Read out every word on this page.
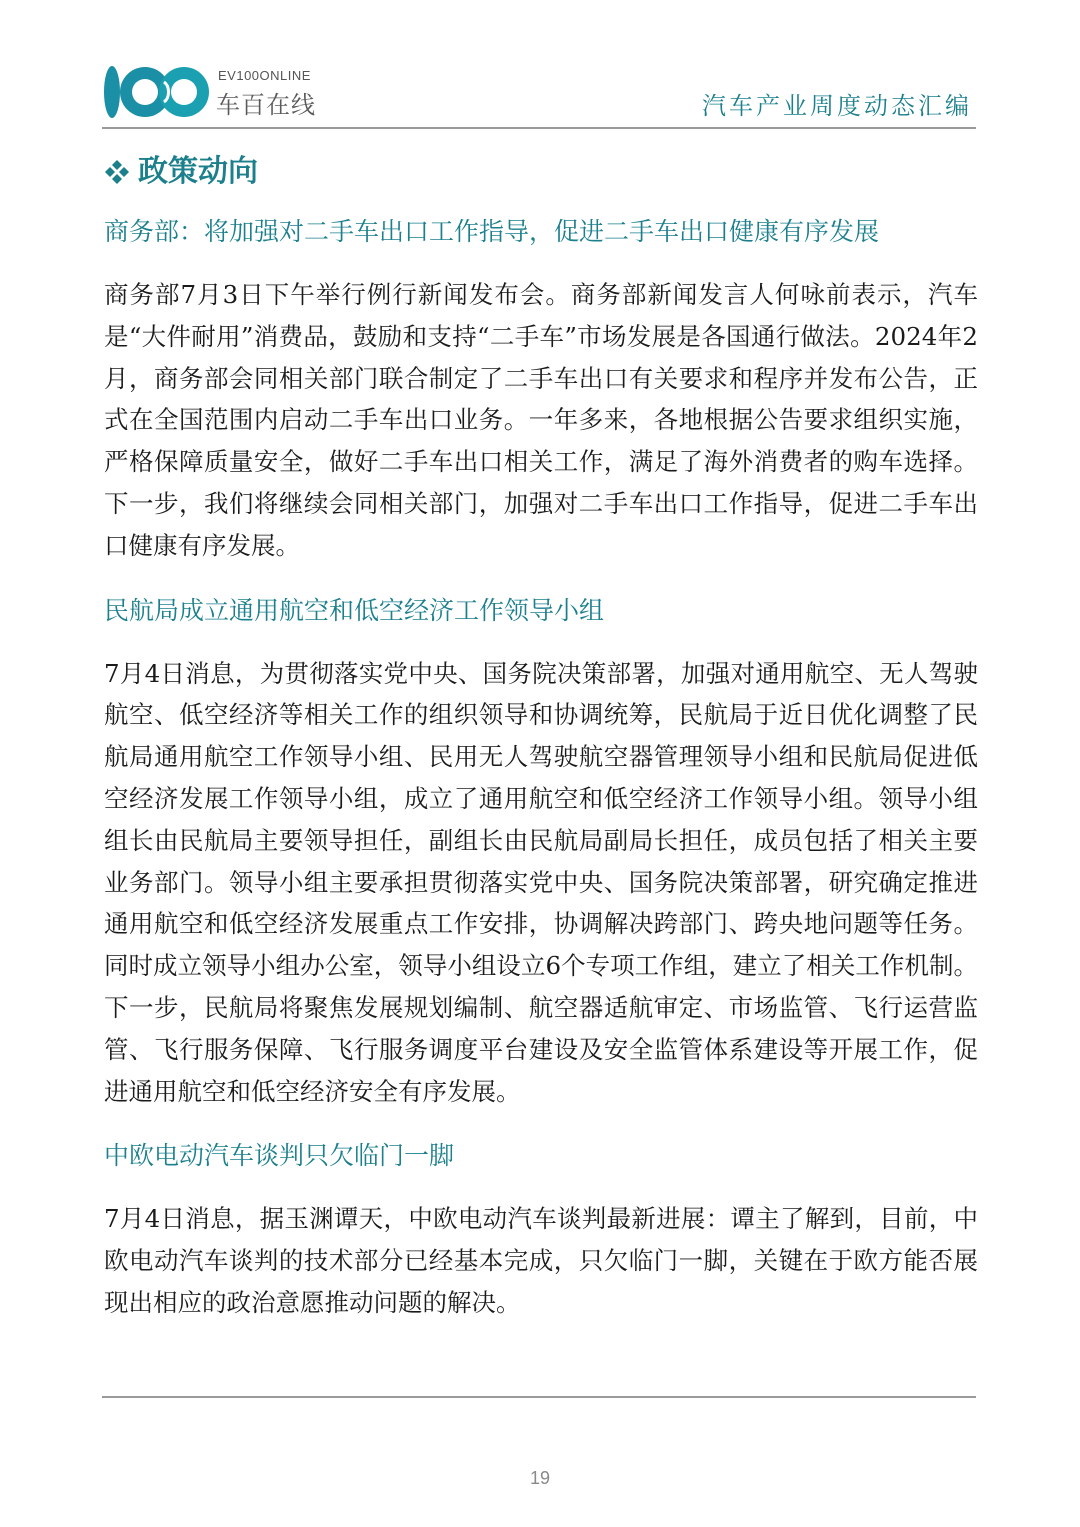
EV100ONLINE
车百在线	汽车产业周度动态汇编
政策动向
商务部：将加强对二手车出口工作指导，促进二手车出口健康有序发展
商务部7月3日下午举行例行新闻发布会。商务部新闻发言人何咏前表示，汽车是“大件耐用”消费品，鼓励和支持“二手车”市场发展是各国通行做法。2024年2月，商务部会同相关部门联合制定了二手车出口有关要求和程序并发布公告，正式在全国范围内启动二手车出口业务。一年多来，各地根据公告要求组织实施，严格保障质量安全，做好二手车出口相关工作，满足了海外消费者的购车选择。下一步，我们将继续会同相关部门，加强对二手车出口工作指导，促进二手车出口健康有序发展。
民航局成立通用航空和低空经济工作领导小组
7月4日消息，为贯彻落实党中央、国务院决策部署，加强对通用航空、无人驾驶航空、低空经济等相关工作的组织领导和协调统筹，民航局于近日优化调整了民航局通用航空工作领导小组、民用无人驾驶航空器管理领导小组和民航局促进低空经济发展工作领导小组，成立了通用航空和低空经济工作领导小组。领导小组组长由民航局主要领导担任，副组长由民航局副局长担任，成员包括了相关主要业务部门。领导小组主要承担贯彻落实党中央、国务院决策部署，研究确定推进通用航空和低空经济发展重点工作安排，协调解决跨部门、跨央地问题等任务。同时成立领导小组办公室，领导小组设立6个专项工作组，建立了相关工作机制。下一步，民航局将聚焦发展规划编制、航空器适航审定、市场监管、飞行运营监管、飞行服务保障、飞行服务调度平台建设及安全监管体系建设等开展工作，促进通用航空和低空经济安全有序发展。
中欧电动汽车谈判只欠临门一脚
7月4日消息，据玉渊谭天，中欧电动汽车谈判最新进展：谭主了解到，目前，中欧电动汽车谈判的技术部分已经基本完成，只欠临门一脚，关键在于欧方能否展现出相应的政治意愿推动问题的解决。
19
